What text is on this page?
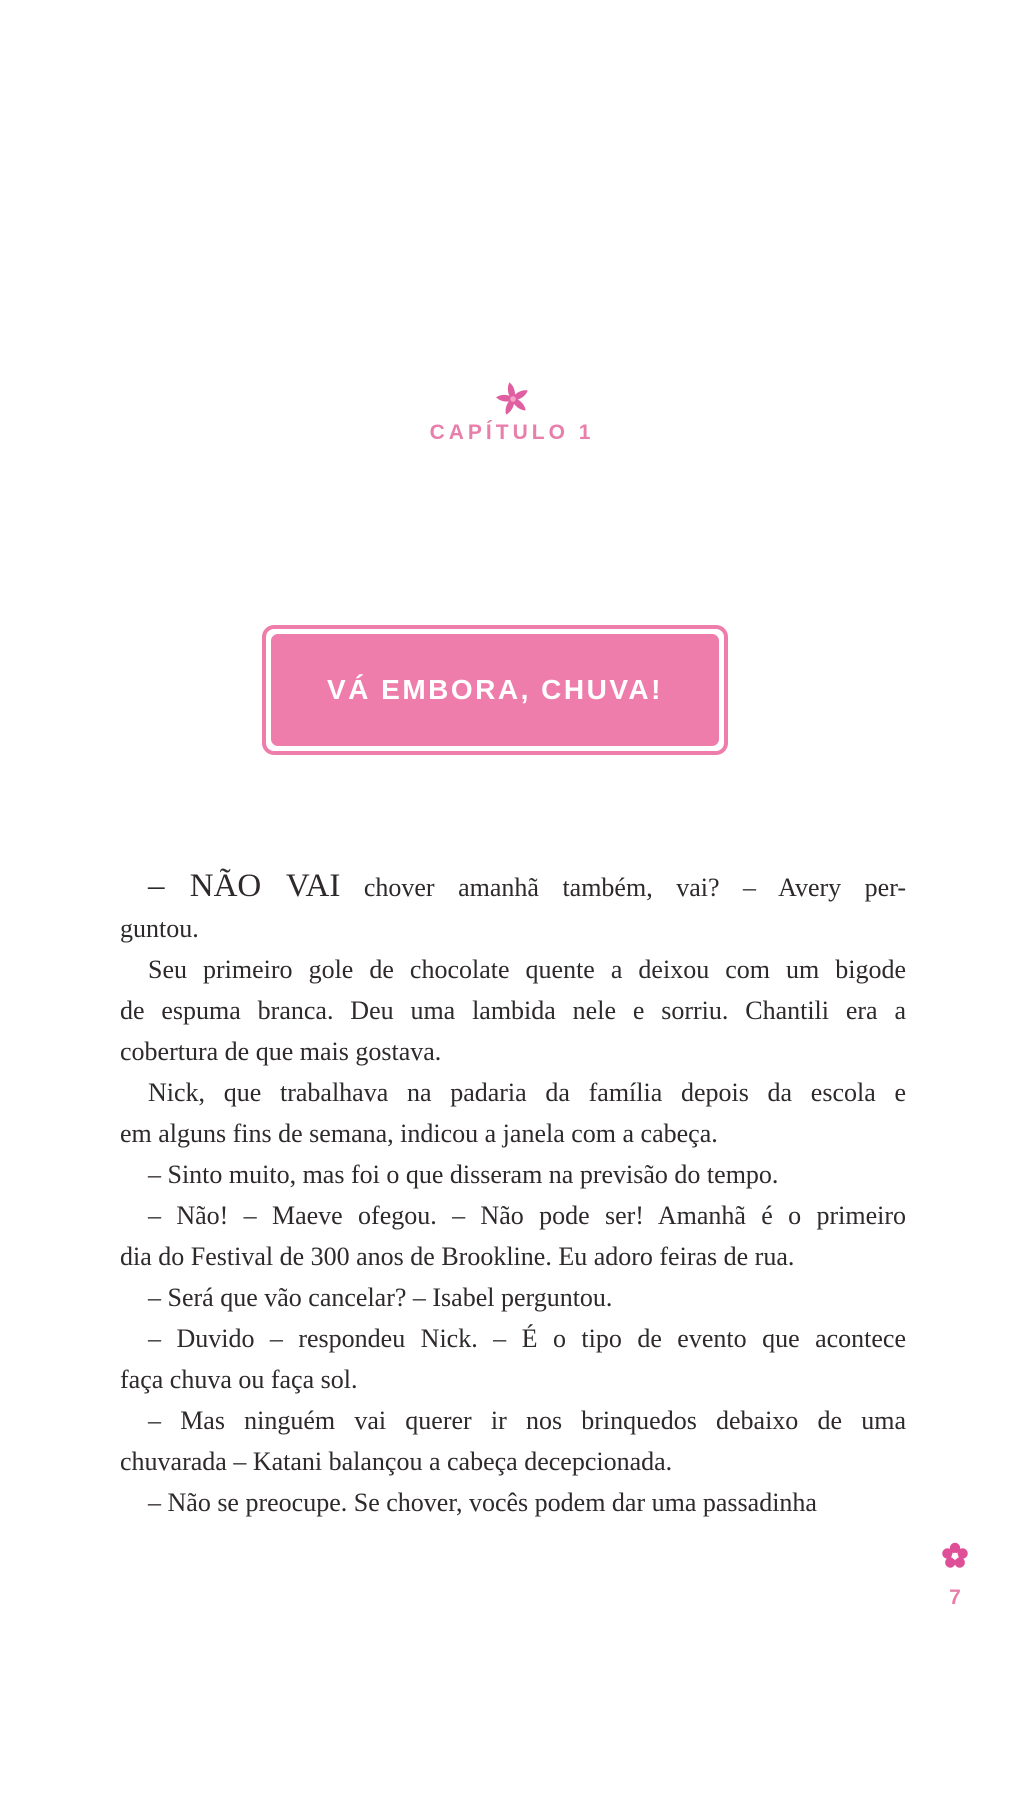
CAPÍTULO 1
VÁ EMBORA, CHUVA!
– NÃO VAI chover amanhã também, vai? – Avery per-
guntou.
Seu primeiro gole de chocolate quente a deixou com um bigode
de espuma branca. Deu uma lambida nele e sorriu. Chantili era a
cobertura de que mais gostava.
Nick, que trabalhava na padaria da família depois da escola e
em alguns fins de semana, indicou a janela com a cabeça.
– Sinto muito, mas foi o que disseram na previsão do tempo.
– Não! – Maeve ofegou. – Não pode ser! Amanhã é o primeiro
dia do Festival de 300 anos de Brookline. Eu adoro feiras de rua.
– Será que vão cancelar? – Isabel perguntou.
– Duvido – respondeu Nick. – É o tipo de evento que acontece
faça chuva ou faça sol.
– Mas ninguém vai querer ir nos brinquedos debaixo de uma
chuvarada – Katani balançou a cabeça decepcionada.
– Não se preocupe. Se chover, vocês podem dar uma passadinha
7
